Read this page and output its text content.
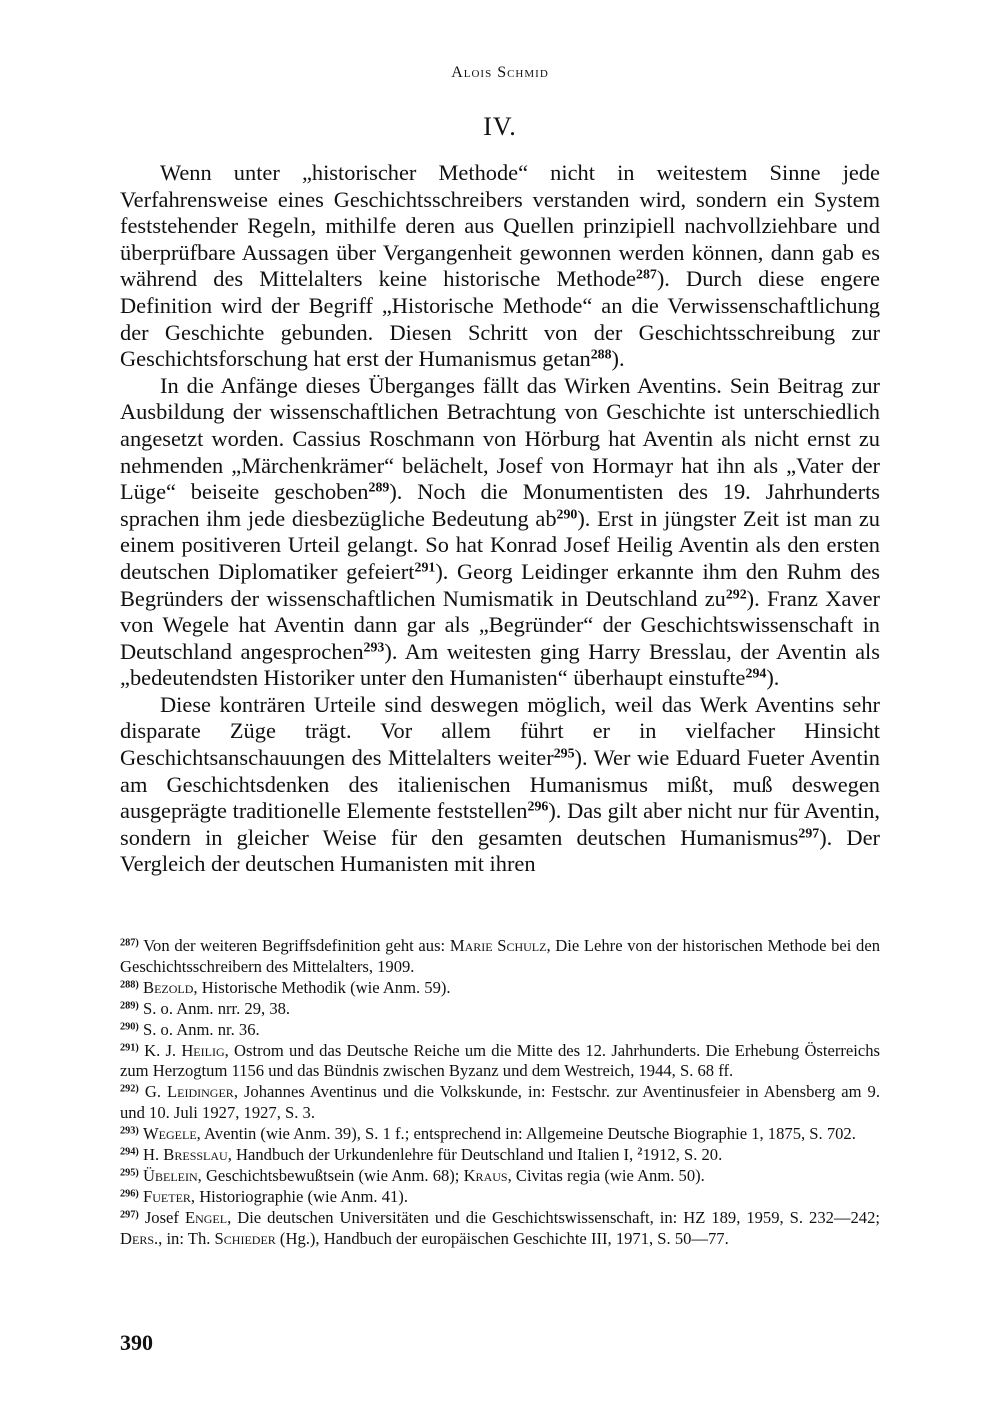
Alois Schmid
IV.

Wenn unter „historischer Methode“ nicht in weitestem Sinne jede Verfahrensweise eines Geschichtsschreibers verstanden wird, sondern ein System feststehender Regeln, mithilfe deren aus Quellen prinzipiell nachvollziehbare und überprüfbare Aussagen über Vergangenheit gewonnen werden können, dann gab es während des Mittelalters keine historische Methode$^{287}$). Durch diese engere Definition wird der Begriff „Historische Methode“ an die Verwissenschaftlichung der Geschichte gebunden. Diesen Schritt von der Geschichtsschreibung zur Geschichtsforschung hat erst der Humanismus getan$^{288}$).

In die Anfänge dieses Überganges fällt das Wirken Aventins. Sein Beitrag zur Ausbildung der wissenschaftlichen Betrachtung von Geschichte ist unterschiedlich angesetzt worden. Cassius Roschmann von Hörburg hat Aventin als nicht ernst zu nehmenden „Märchenkrämer“ belächelt, Josef von Hormayr hat ihn als „Vater der Lüge“ beiseite geschoben$^{289}$). Noch die Monumentisten des 19. Jahrhunderts sprachen ihm jede diesbezügliche Bedeutung $ab^{290}$). Erst in jüngster Zeit ist man zu einem positiveren Urteil gelangt. So hat Konrad Josef Heilig Aventin als den ersten deutschen Diplomatiker gefeiert$^{291}$). Georg Leidinger erkannte ihm den Ruhm des Begründers der wissenschaftlichen Numismatik in Deutschland $zu^{292}$). Franz Xaver von Wegele hat Aventin dann gar als „Begründer“ der Geschichtswissenschaft in Deutschland angesprochen$^{293}$). Am weitesten ging Harry Bresslau, der Aventin als „bedeutendsten Historiker unter den Humanisten“ überhaupt einstufte$^{294}$).

Diese konträren Urteile sind deswegen möglich, weil das Werk Aventins sehr disparate Züge trägt. Vor allem führt er in vielfacher Hinsicht Geschichtsanschauungen des Mittelalters weiter$^{295}$). Wer wie Eduard Fueter Aventin am Geschichtsdenken des italienischen Humanismus mißt, muß deswegen ausgeprägte traditionelle Elemente feststellen$^{296}$). Das gilt aber nicht nur für Aventin, sondern in gleicher Weise für den gesamten deutschen Humanismus$^{297}$). Der Vergleich der deutschen Humanisten mit ihren

$^{287)}$ Von der weiteren Begriffsdefinition geht aus: Marie Schulz, Die Lehre von der historischen Methode bei den Geschichtsschreibern des Mittelalters, 1909.
$^{288)}$ Bezold, Historische Methodik (wie Anm. 59).
$^{289)}$ S. o. Anm. nrr. 29, 38.
$^{290)}$ S. o. Anm. nr. 36.
$^{291)}$ K. J. Heilig, Ostrom und das Deutsche Reiche um die Mitte des 12. Jahrhunderts. Die Erhebung Österreichs zum Herzogtum 1156 und das Bündnis zwischen Byzanz und dem Westreich, 1944, S. 68 ff.
$^{292)}$ G. Leidinger, Johannes Aventinus und die Volkskunde, in: Festschr. zur Aventinusfeier in Abensberg am 9. und 10. Juli 1927, 1927, S. 3.
$^{293)}$ Wegele, Aventin (wie Anm. 39), S. 1 f.; entsprechend in: Allgemeine Deutsche Biographie 1, 1875, S. 702.
$^{294)}$ H. Bresslau, Handbuch der Urkundenlehre für Deutschland und Italien I, $^2$1912, S. 20.
$^{295)}$ Übelein, Geschichtsbewußtsein (wie Anm. 68); Kraus, Civitas regia (wie Anm. 50).
$^{296)}$ Fueter, Historiographie (wie Anm. 41).
$^{297)}$ Josef Engel, Die deutschen Universitäten und die Geschichtswissenschaft, in: HZ 189, 1959, S. 232—242; Ders., in: Th. Schieder (Hg.), Handbuch der europäischen Geschichte III, 1971, S. 50—77.
390
